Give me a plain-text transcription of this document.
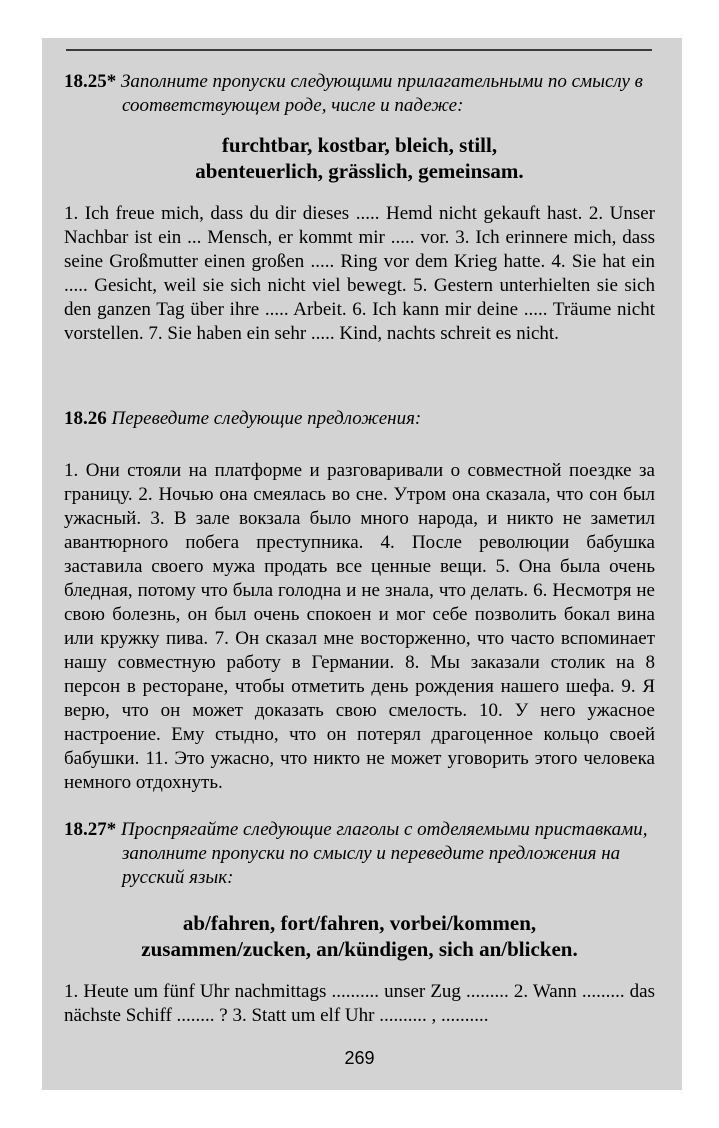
18.25* Заполните пропуски следующими прилагательными по смыслу в соответствующем роде, числе и падеже:

furchtbar, kostbar, bleich, still,

abenteuerlich, grässlich, gemeinsam.

1. Ich freue mich, dass du dir dieses ..... Hemd nicht gekauft hast. 2. Unser Nachbar ist ein ... Mensch, er kommt mir ..... vor. 3. Ich erinnere mich, dass seine Großmutter einen großen ..... Ring vor dem Krieg hatte. 4. Sie hat ein ..... Gesicht, weil sie sich nicht viel bewegt. 5. Gestern unterhielten sie sich den ganzen Tag über ihre ..... Arbeit. 6. Ich kann mir deine ..... Träume nicht vorstellen. 7. Sie haben ein sehr ..... Kind, nachts schreit es nicht.

18.26 Переведите следующие предложения:

1. Они стояли на платформе и разговаривали о совместной поездке за границу. 2. Ночью она смеялась во сне. Утром она сказала, что сон был ужасный. 3. В зале вокзала было много народа, и никто не заметил авантюрного побега преступника. 4. После революции бабушка заставила своего мужа продать все ценные вещи. 5. Она была очень бледная, потому что была голодна и не знала, что делать. 6. Несмотря не свою болезнь, он был очень спокоен и мог себе позволить бокал вина или кружку пива. 7. Он сказал мне восторженно, что часто вспоминает нашу совместную работу в Германии. 8. Мы заказали столик на 8 персон в ресторане, чтобы отметить день рождения нашего шефа. 9. Я верю, что он может доказать свою смелость. 10. У него ужасное настроение. Ему стыдно, что он потерял драгоценное кольцо своей бабушки. 11. Это ужасно, что никто не может уговорить этого человека немного отдохнуть.

18.27* Проспрягайте следующие глаголы с отделяемыми приставками, заполните пропуски по смыслу и переведите предложения на русский язык:

ab/fahren, fort/fahren, vorbei/kommen,

zusammen/zucken, an/kündigen, sich an/blicken.

1. Heute um fünf Uhr nachmittags .......... unser Zug ......... 2. Wann ......... das nächste Schiff ........ ? 3. Statt um elf Uhr .......... , ..........

269
